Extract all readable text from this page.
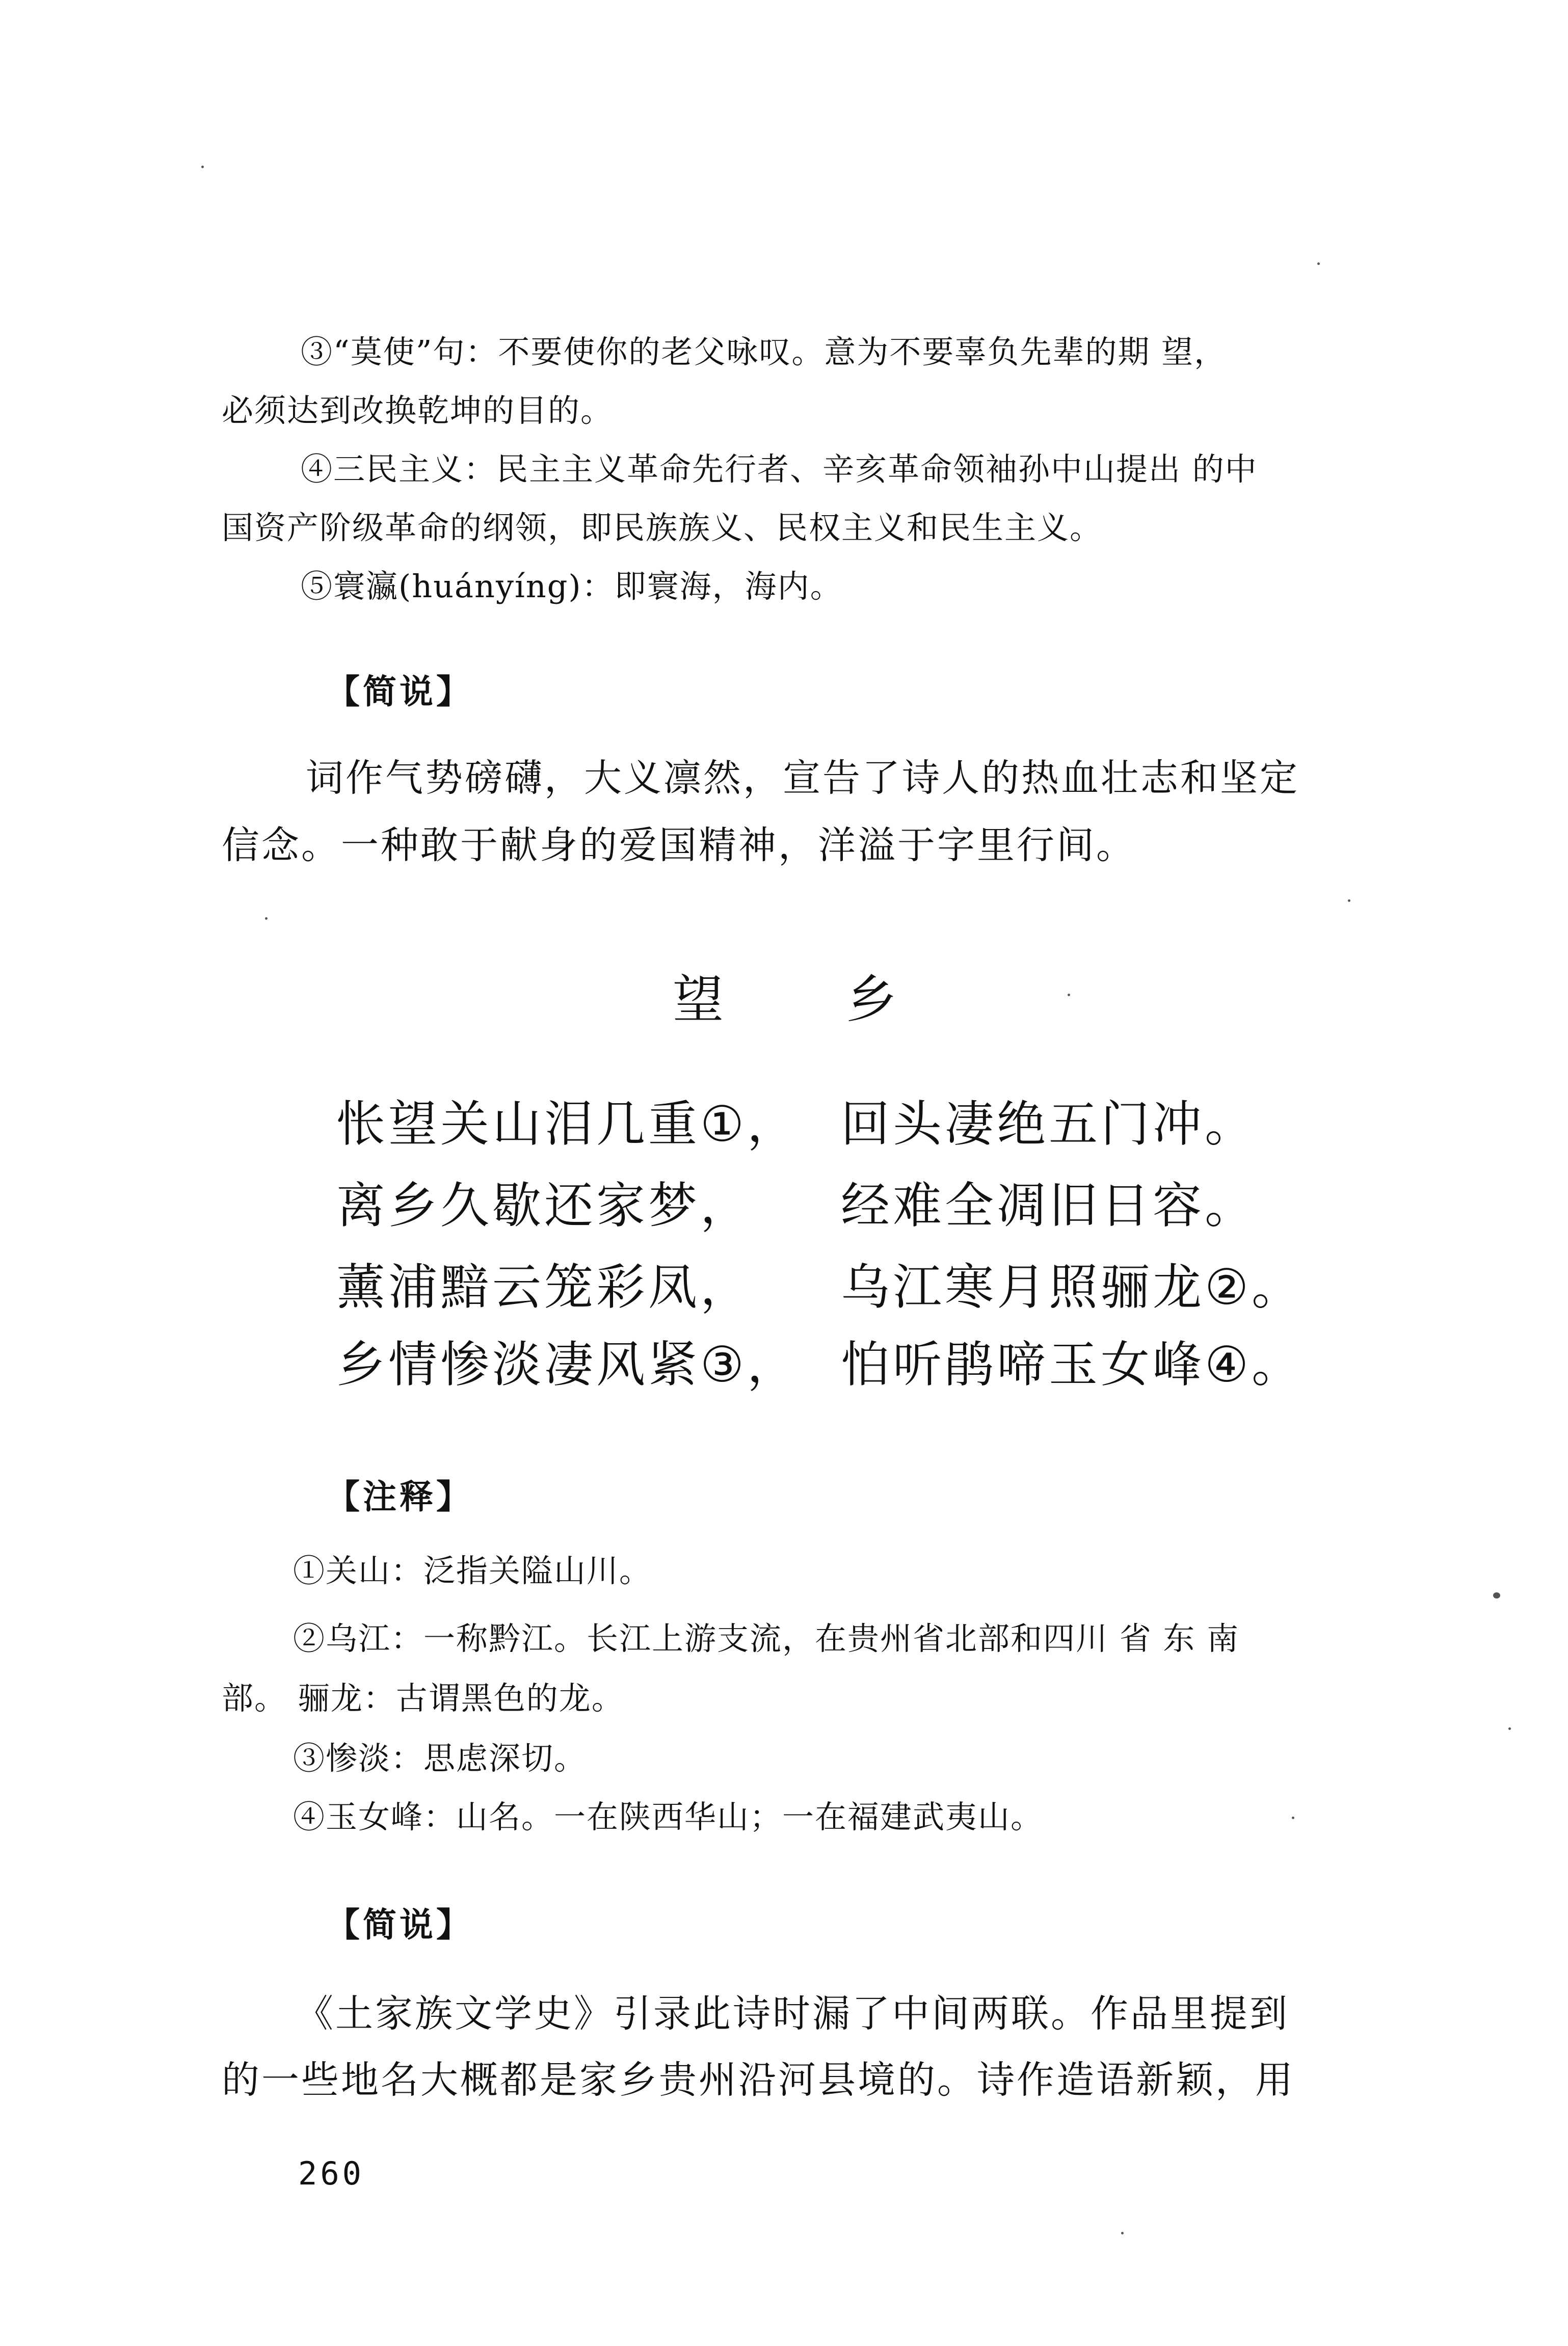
③“莫使”句：不要使你的老父咏叹。意为不要辜负先辈的期 望，
必须达到改换乾坤的目的。
④三民主义：民主主义革命先行者、辛亥革命领袖孙中山提出 的中
国资产阶级革命的纲领，即民族族义、民权主义和民生主义。
⑤寰瀛(huányíng)：即寰海，海内。
【简说】
词作气势磅礴，大义凛然，宣告了诗人的热血壮志和坚定
信念。一种敢于献身的爱国精神，洋溢于字里行间。
望 乡
怅望关山泪几重①， 回头凄绝五门冲。
离乡久歇还家梦， 经难全凋旧日容。
薰浦黯云笼彩凤， 乌江寒月照骊龙②。
乡情惨淡凄风紧③， 怕听鹃啼玉女峰④。
【注释】
①关山：泛指关隘山川。
②乌江：一称黔江。长江上游支流，在贵州省北部和四川 省 东 南
部。 骊龙：古谓黑色的龙。
③惨淡：思虑深切。
④玉女峰：山名。一在陕西华山；一在福建武夷山。
【简说】
《土家族文学史》引录此诗时漏了中间两联。作品里提到
的一些地名大概都是家乡贵州沿河县境的。诗作造语新颖，用
260
